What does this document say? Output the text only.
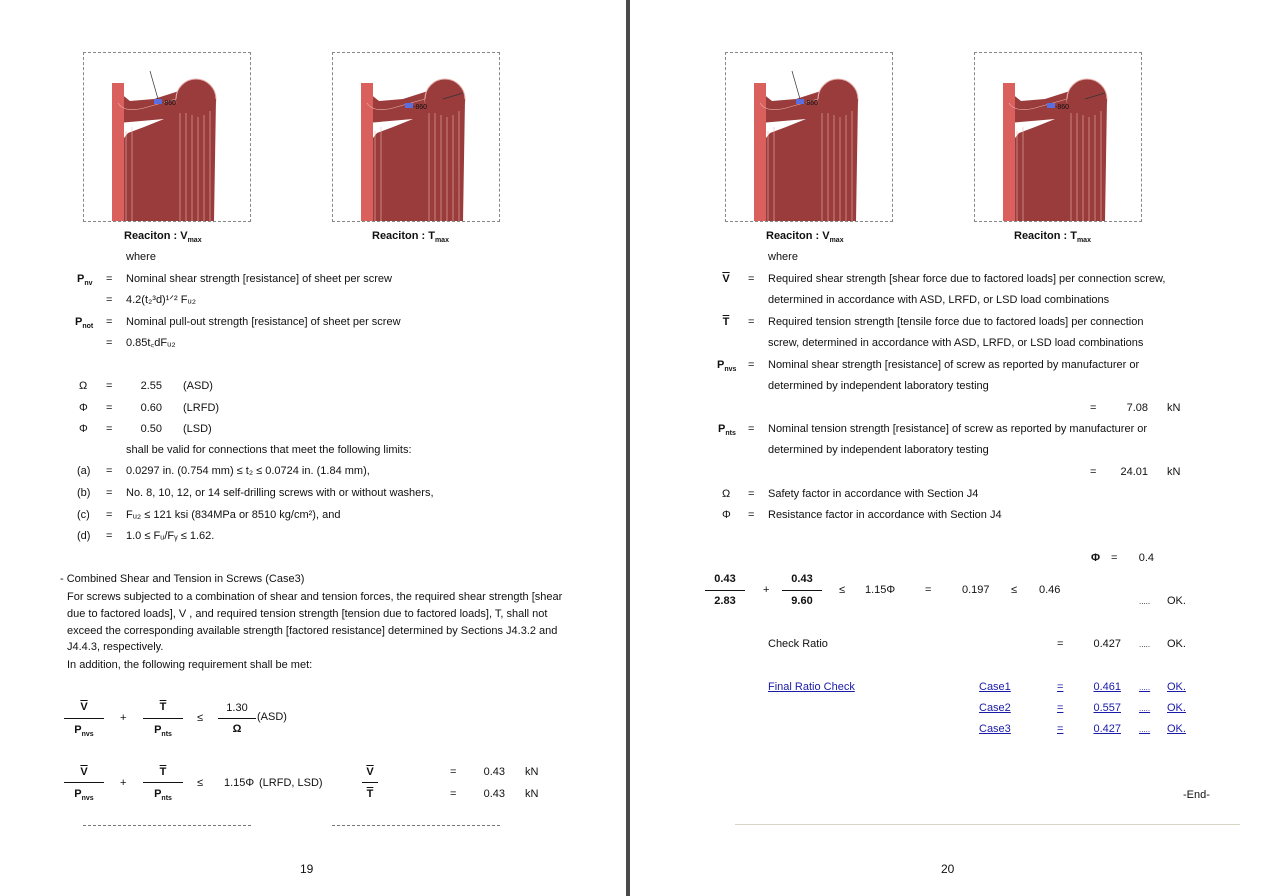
-860
-860
Reaciton : $V_{max}$	Reaciton : $T_{max}$
where
$P_{nv}$ = Nominal shear strength [resistance] of sheet per screw
= 4.2(t₂³d)¹ᐟ² Fᵤ₂
$P_{not}$ = Nominal pull-out strength [resistance] of sheet per screw
= 0.85t꜀dFᵤ₂
Ω =	2.55 (ASD)
Φ =	0.60 (LRFD)
Φ =	0.50 (LSD)
shall be valid for connections that meet the following limits:
(a) = 0.0297 in. (0.754 mm) ≤ t₂ ≤ 0.0724 in. (1.84 mm),
(b) = No. 8, 10, 12, or 14 self-drilling screws with or without washers,
(c) = Fᵤ₂ ≤ 121 ksi (834MPa or 8510 kg/cm²), and
(d) = 1.0 ≤ Fᵤ/Fᵧ ≤ 1.62.
- Combined Shear and Tension in Screws (Case3)
For screws subjected to a combination of shear and tension forces, the required shear strength [shear
due to factored loads], V , and required tension strength [tension due to factored loads], T, shall not
exceed the corresponding available strength [factored resistance] determined by Sections J4.3.2 and
J4.4.3, respectively.
In addition, the following requirement shall be met:
$\overline{V}$
$P_{nvs}$
+
$\overline{T}$
$P_{nts}$
≤
1.30
Ω
(ASD)
$\overline{V}$
$P_{nvs}$
+
$\overline{T}$
$P_{nts}$
≤ 1.15Φ (LRFD, LSD)
$\overline{V}$
$\overline{T}$
=	0.43 kN
=	0.43 kN
19
-860
-860
Reaciton : $V_{max}$	Reaciton : $T_{max}$
where
$\overline{V}$	= Required shear strength [shear force due to factored loads] per connection screw,
determined in accordance with ASD, LRFD, or LSD load combinations
$\overline{T}$	= Required tension strength [tensile force due to factored loads] per connection
screw, determined in accordance with ASD, LRFD, or LSD load combinations
$P_{nvs}$ = Nominal shear strength [resistance] of screw as reported by manufacturer or
determined by independent laboratory testing
=	7.08 kN
$P_{nts}$ = Nominal tension strength [resistance] of screw as reported by manufacturer or
determined by independent laboratory testing
=	24.01 kN
Ω = Safety factor in accordance with Section J4
Φ = Resistance factor in accordance with Section J4
Φ =	0.4
0.43
2.83
+
0.43
9.60
≤ 1.15Φ	=	0.197 ≤ 0.46
..... OK.
Check Ratio	=	0.427 ..... OK.
Final Ratio Check	Case1	=	0.461 ..... OK.
Case2	=	0.557 ..... OK.
Case3	=	0.427 ..... OK.
-End-
20
